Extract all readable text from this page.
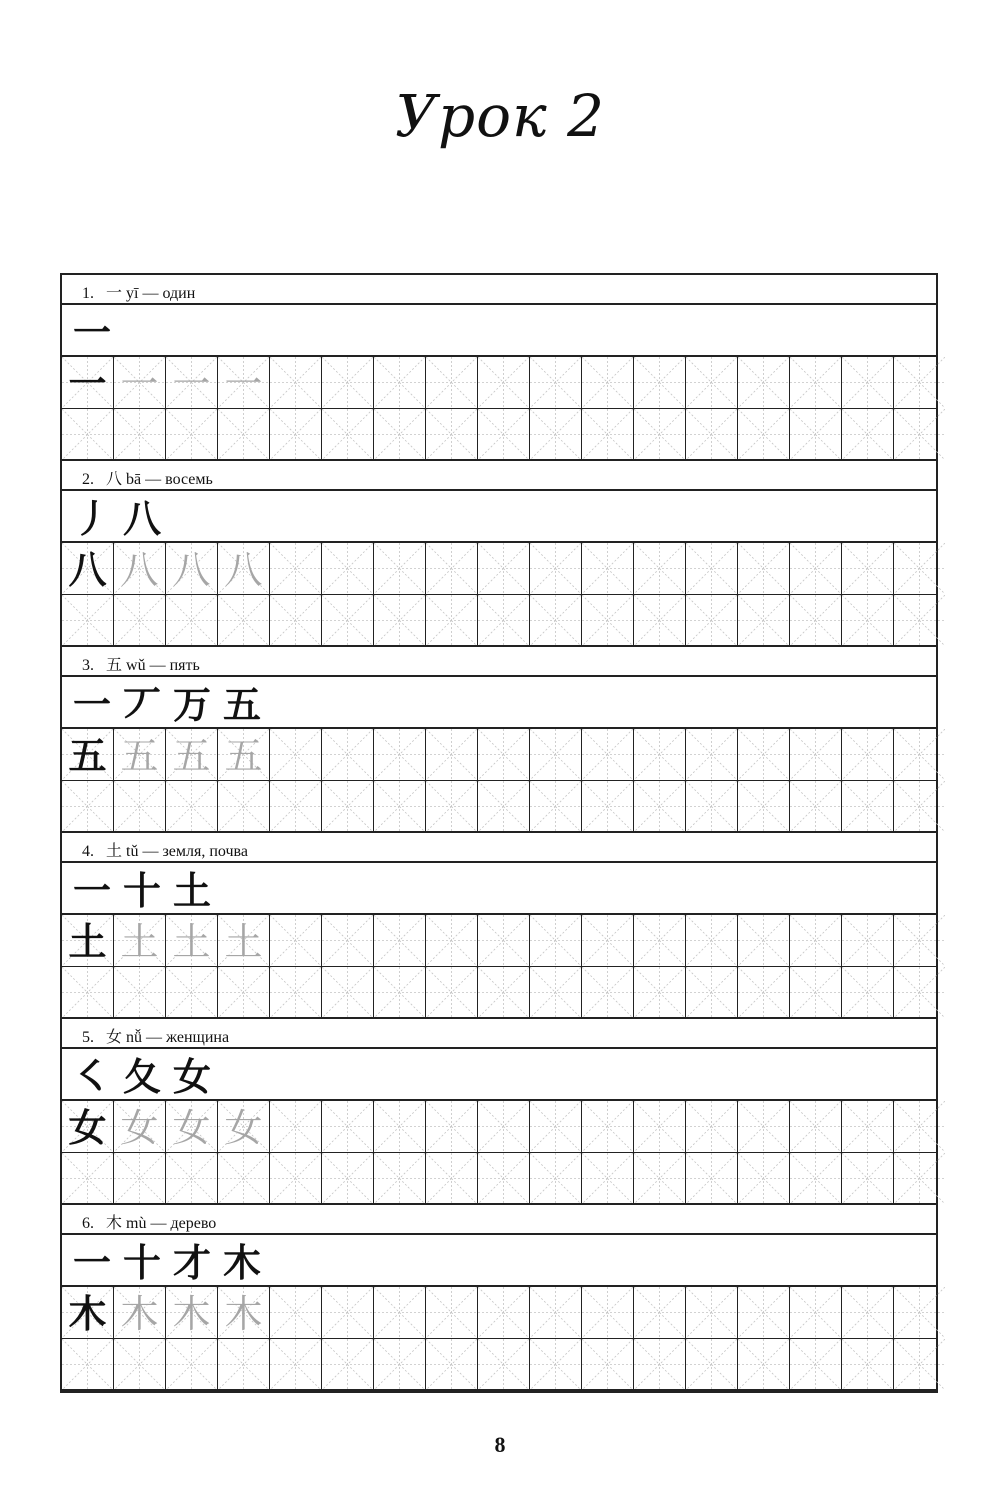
Урок 2
1. 一 yī — один
一
一 一 一 一
2. 八 bā — восемь
丿 八
八 八 八 八
3. 五 wǔ — пять
一 丆 万 五
五 五 五 五
4. 土 tǔ — земля, почва
一 十 土
土 土 土 土
5. 女 nǚ — женщина
㇛ 夂 女
女 女 女 女
6. 木 mù — дерево
一 十 才 木
木 木 木 木
8
